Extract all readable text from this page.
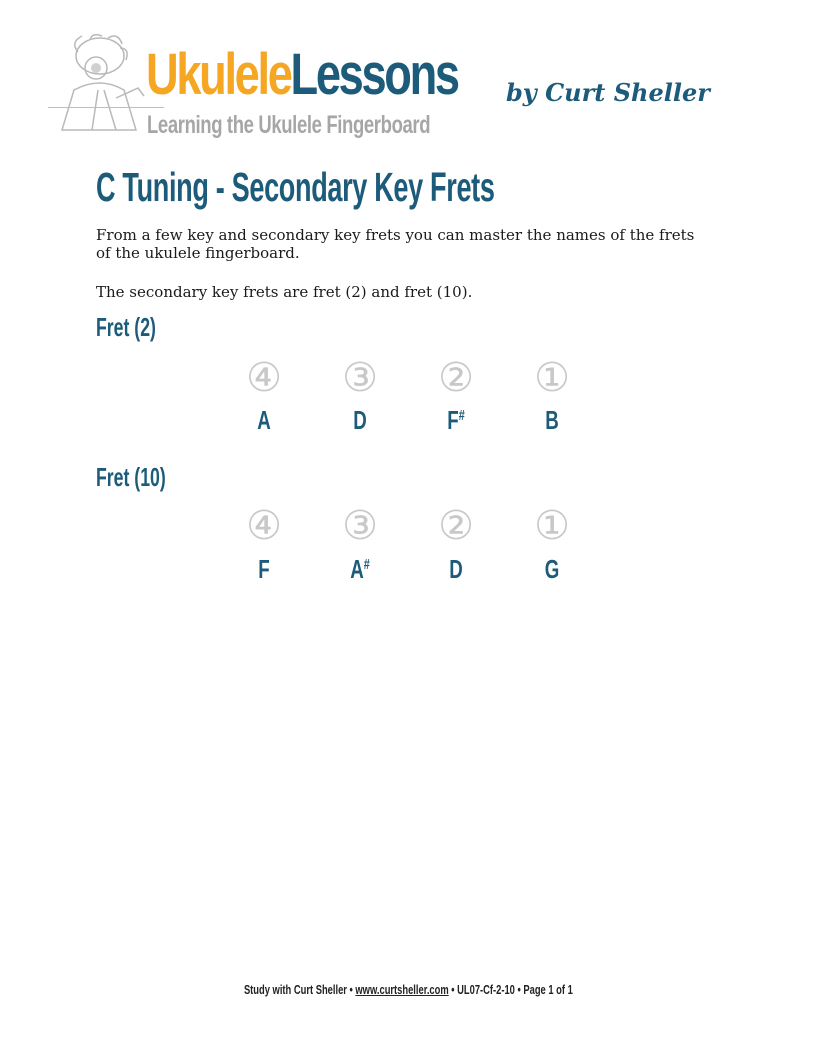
UkuleleLessons by Curt Sheller
Learning the Ukulele Fingerboard
C Tuning - Secondary Key Frets

From a few key and secondary key frets you can master the names of the frets of the ukulele fingerboard.

The secondary key frets are fret (2) and fret (10).

Fret (2)
④	③	②	①
A	D	F#	B
Fret (10)
④	③	②	①
F	A#	D	G
Study with Curt Sheller • www.curtsheller.com • UL07-Cf-2-10 • Page 1 of 1
